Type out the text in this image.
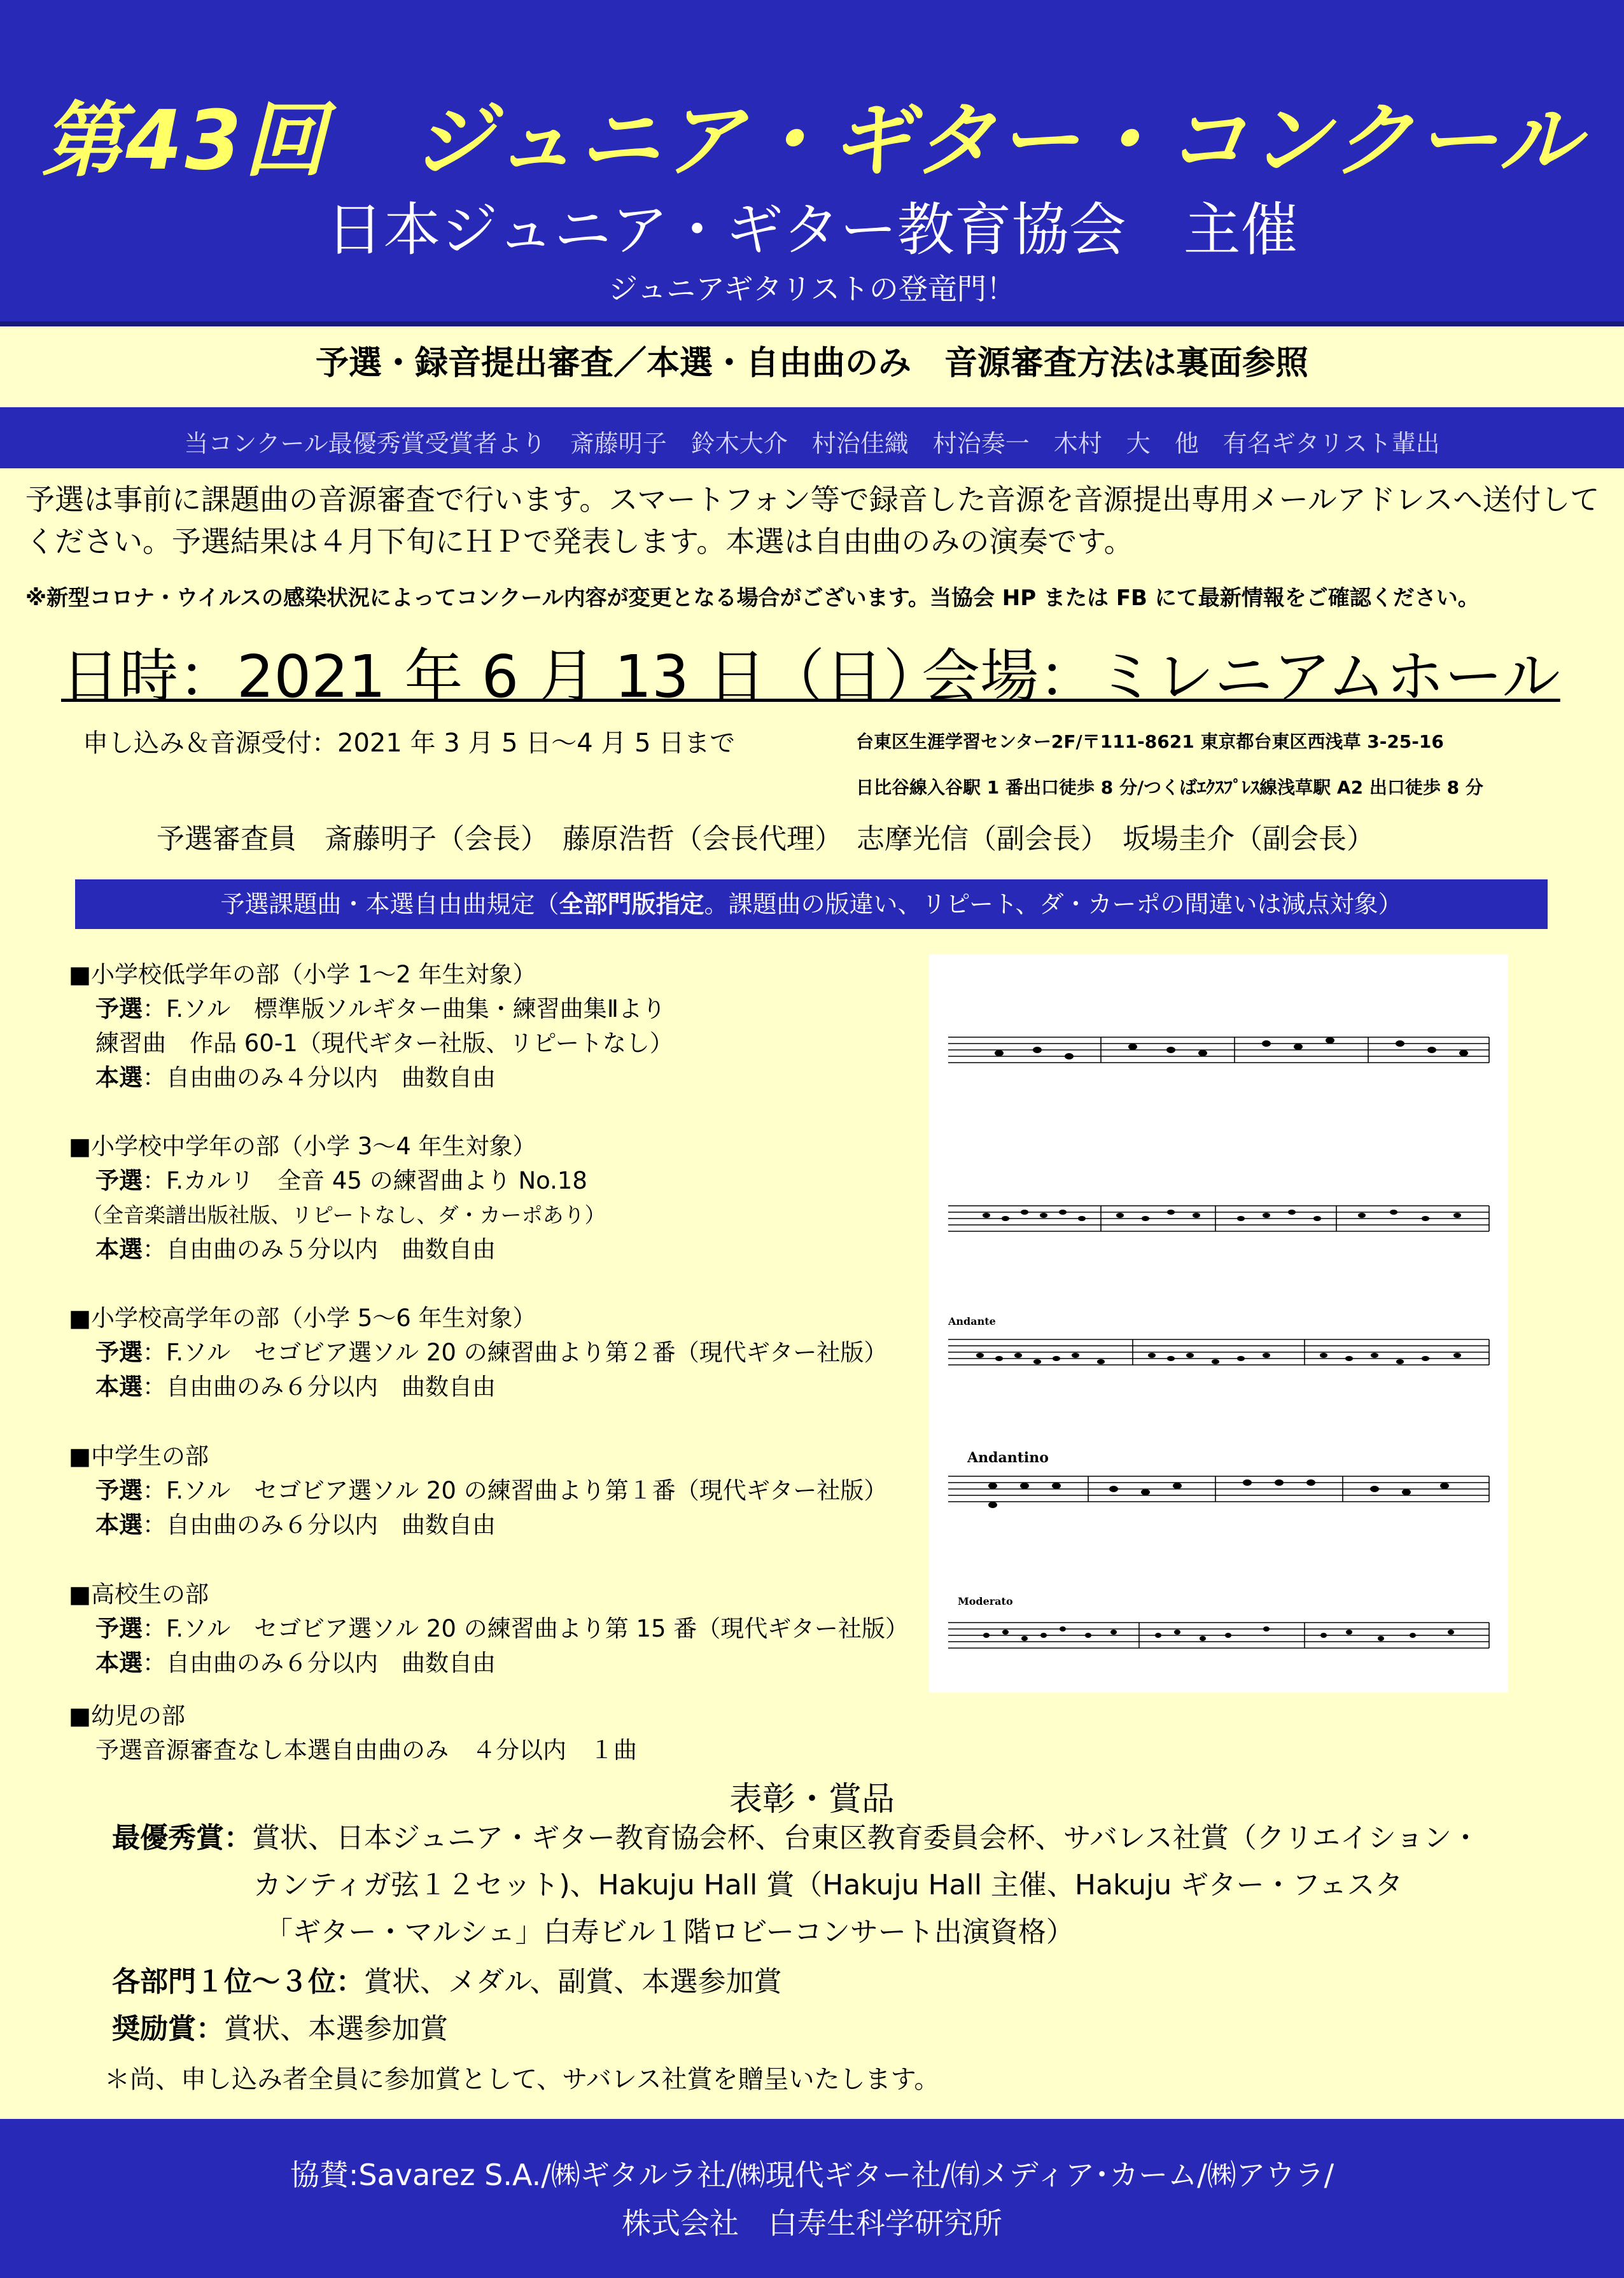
第43回　ジュニア・ギター・コンクール
日本ジュニア・ギター教育協会　主催
ジュニアギタリストの登竜門！
予選・録音提出審査／本選・自由曲のみ　音源審査方法は裏面参照
当コンクール最優秀賞受賞者より　斎藤明子　鈴木大介　村治佳織　村治奏一　木村　大　他　有名ギタリスト輩出
予選は事前に課題曲の音源審査で行います。スマートフォン等で録音した音源を音源提出専用メールアドレスへ送付して
ください。予選結果は４月下旬にＨＰで発表します。本選は自由曲のみの演奏です。
※新型コロナ・ウイルスの感染状況によってコンクール内容が変更となる場合がございます。当協会 HP または FB にて最新情報をご確認ください。
日時：2021 年 6 月 13 日（日）
会場：ミレニアムホール
申し込み＆音源受付：2021 年 3 月 5 日〜4 月 5 日まで	台東区生涯学習センター2F/〒111-8621 東京都台東区西浅草 3-25-16
日比谷線入谷駅 1 番出口徒歩 8 分/つくばｴｸｽﾌﾟﾚｽ線浅草駅 A2 出口徒歩 8 分
予選審査員　斎藤明子（会長）　藤原浩哲（会長代理）　志摩光信（副会長）　坂場圭介（副会長）
予選課題曲・本選自由曲規定（全部門版指定。課題曲の版違い、リピート、ダ・カーポの間違いは減点対象）
■小学校低学年の部（小学 1〜2 年生対象）
予選：F.ソル　標準版ソルギター曲集・練習曲集Ⅱより
練習曲　作品 60-1（現代ギター社版、リピートなし）
本選：自由曲のみ４分以内　曲数自由
■小学校中学年の部（小学 3〜4 年生対象）
予選：F.カルリ　全音 45 の練習曲より No.18
（全音楽譜出版社版、リピートなし、ダ・カーポあり）
本選：自由曲のみ５分以内　曲数自由
■小学校高学年の部（小学 5〜6 年生対象）
予選：F.ソル　セゴビア選ソル 20 の練習曲より第２番（現代ギター社版）
本選：自由曲のみ６分以内　曲数自由
■中学生の部
予選：F.ソル　セゴビア選ソル 20 の練習曲より第１番（現代ギター社版）
本選：自由曲のみ６分以内　曲数自由
■高校生の部
予選：F.ソル　セゴビア選ソル 20 の練習曲より第 15 番（現代ギター社版）
本選：自由曲のみ６分以内　曲数自由
■幼児の部
予選音源審査なし本選自由曲のみ　４分以内　１曲
Andante
Andantino
Moderato
表彰・賞品
最優秀賞：賞状、日本ジュニア・ギター教育協会杯、台東区教育委員会杯、サバレス社賞（クリエイション・
カンティガ弦１２セット)、Hakuju Hall 賞（Hakuju Hall 主催、Hakuju ギター・フェスタ
「ギター・マルシェ」白寿ビル１階ロビーコンサート出演資格）
各部門１位〜３位：賞状、メダル、副賞、本選参加賞
奨励賞：賞状、本選参加賞
＊尚、申し込み者全員に参加賞として、サバレス社賞を贈呈いたします。
協賛:Savarez S.A./㈱ギタルラ社/㈱現代ギター社/㈲メディア･カーム/㈱アウラ/
株式会社　白寿生科学研究所
